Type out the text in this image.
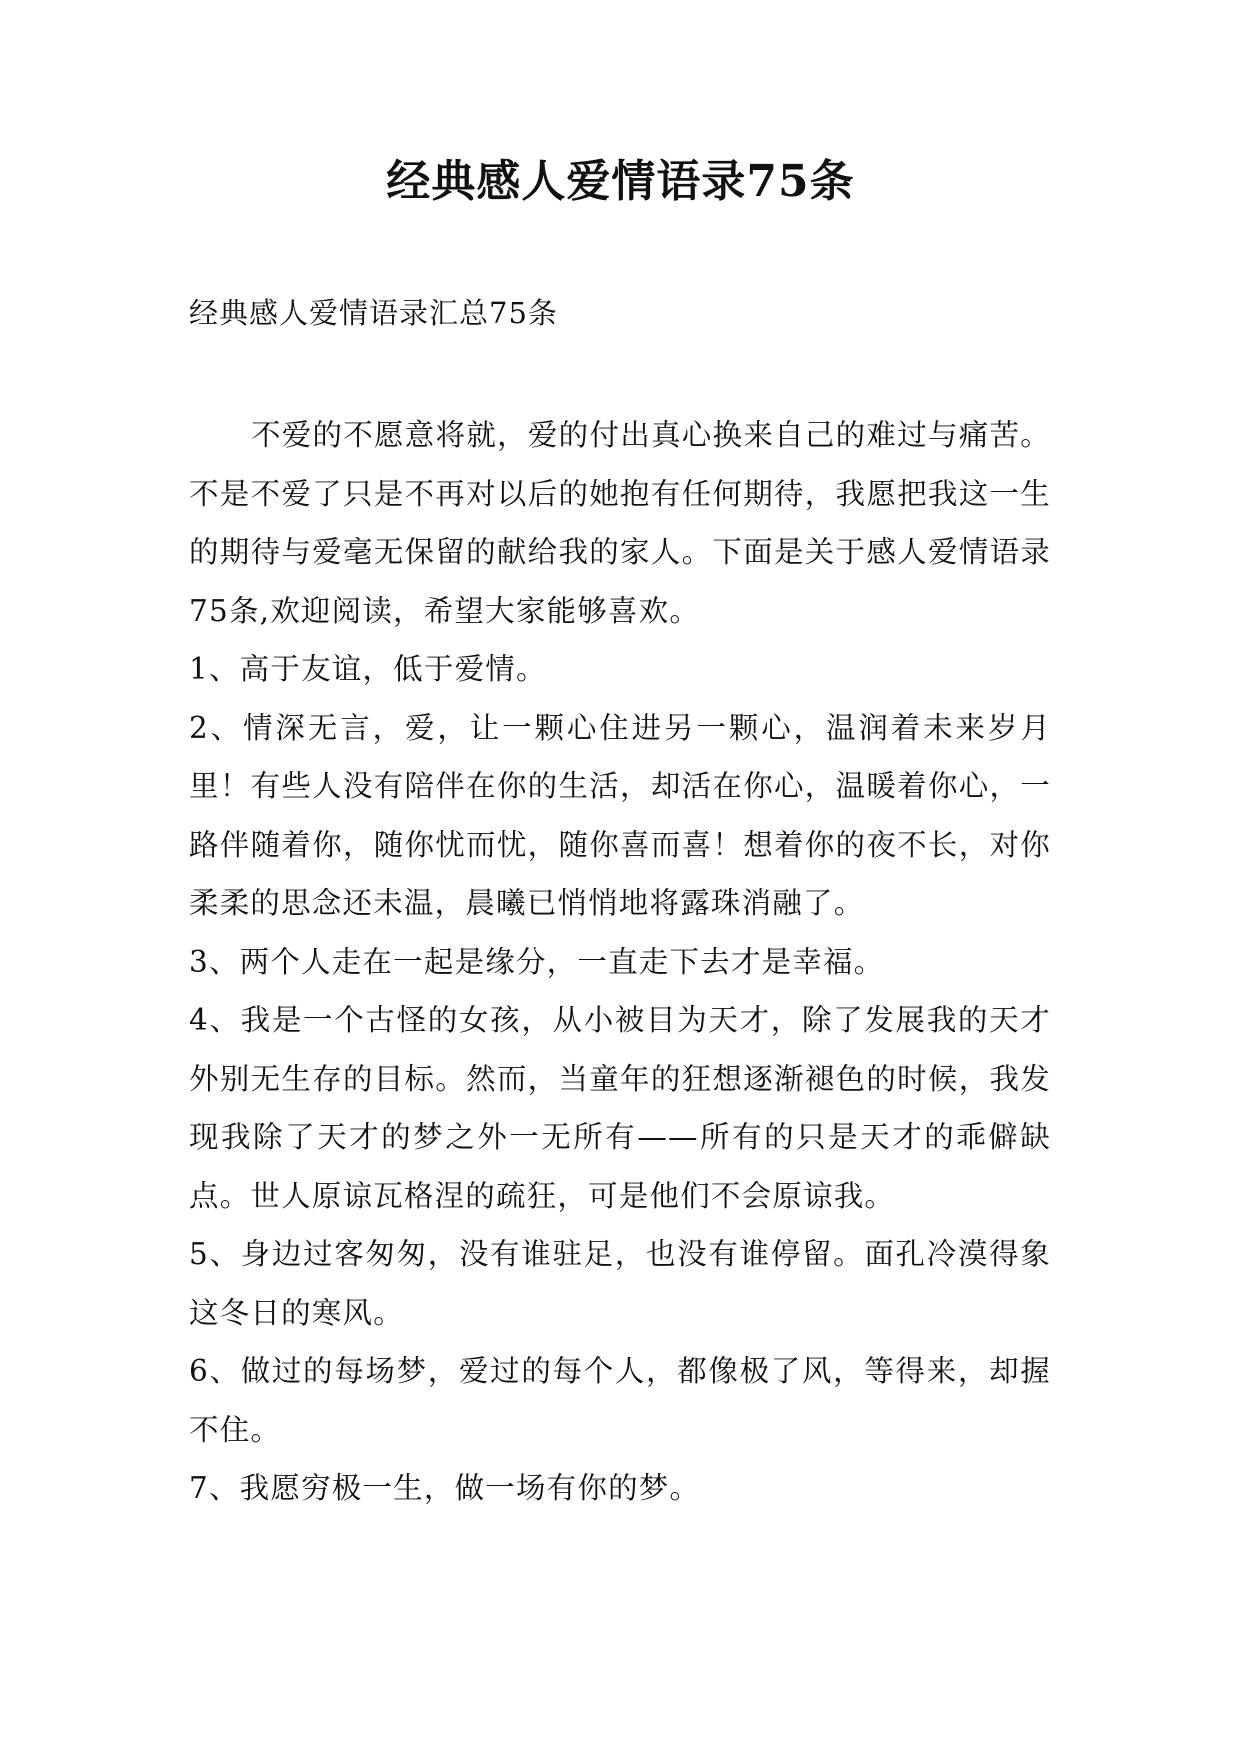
经典感人爱情语录75条

经典感人爱情语录汇总75条

不爱的不愿意将就，爱的付出真心换来自己的难过与痛苦。 不是不爱了只是不再对以后的她抱有任何期待，我愿把我这一生的期待与爱毫无保留的献给我的家人。下面是关于感人爱情语录75条,欢迎阅读，希望大家能够喜欢。

1、高于友谊，低于爱情。

2、情深无言，爱，让一颗心住进另一颗心，温润着未来岁月里！有些人没有陪伴在你的生活，却活在你心，温暖着你心，一路伴随着你，随你忧而忧，随你喜而喜！想着你的夜不长，对你柔柔的思念还未温，晨曦已悄悄地将露珠消融了。

3、两个人走在一起是缘分，一直走下去才是幸福。

4、我是一个古怪的女孩，从小被目为天才，除了发展我的天才外别无生存的目标。然而，当童年的狂想逐渐褪色的时候，我发现我除了天才的梦之外一无所有——所有的只是天才的乖僻缺点。世人原谅瓦格涅的疏狂，可是他们不会原谅我。

5、身边过客匆匆，没有谁驻足，也没有谁停留。面孔冷漠得象这冬日的寒风。

6、做过的每场梦，爱过的每个人，都像极了风，等得来，却握不住。

7、我愿穷极一生，做一场有你的梦。
